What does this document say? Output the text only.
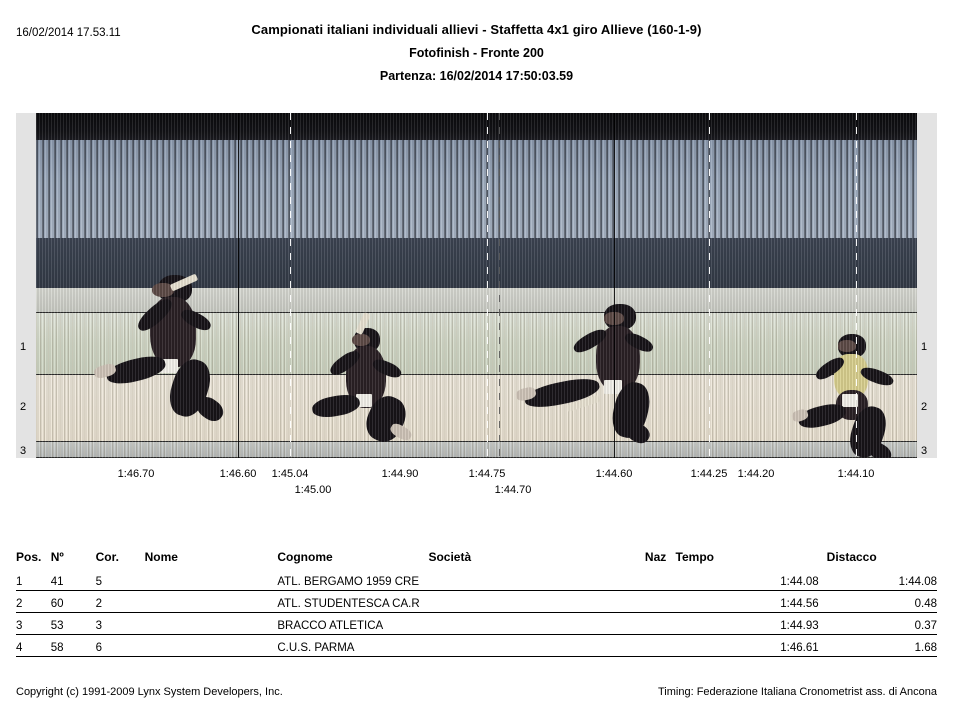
16/02/2014 17.53.11	Campionati italiani individuali allievi - Staffetta 4x1 giro Allieve (160-1-9)
Fotofinish - Fronte 200
Partenza: 16/02/2014 17:50:03.59
1
2
3
1
2
3
1:46.70	1:46.60 1:45.04
1:45.00
1:44.90	1:44.75
1:44.70
1:44.60	1:44.25 1:44.20	1:44.10
Pos.	Nº	Cor.	Nome	Cognome	Società	Naz	Tempo	Distacco
1	41	5		ATL. BERGAMO 1959 CRE			1:44.08	1:44.08
2	60	2		ATL. STUDENTESCA CA.R			1:44.56	0.48
3	53	3		BRACCO ATLETICA			1:44.93	0.37
4	58	6		C.U.S. PARMA			1:46.61	1.68
Copyright (c) 1991-2009 Lynx System Developers, Inc.	Timing: Federazione Italiana Cronometrist ass. di Ancona
